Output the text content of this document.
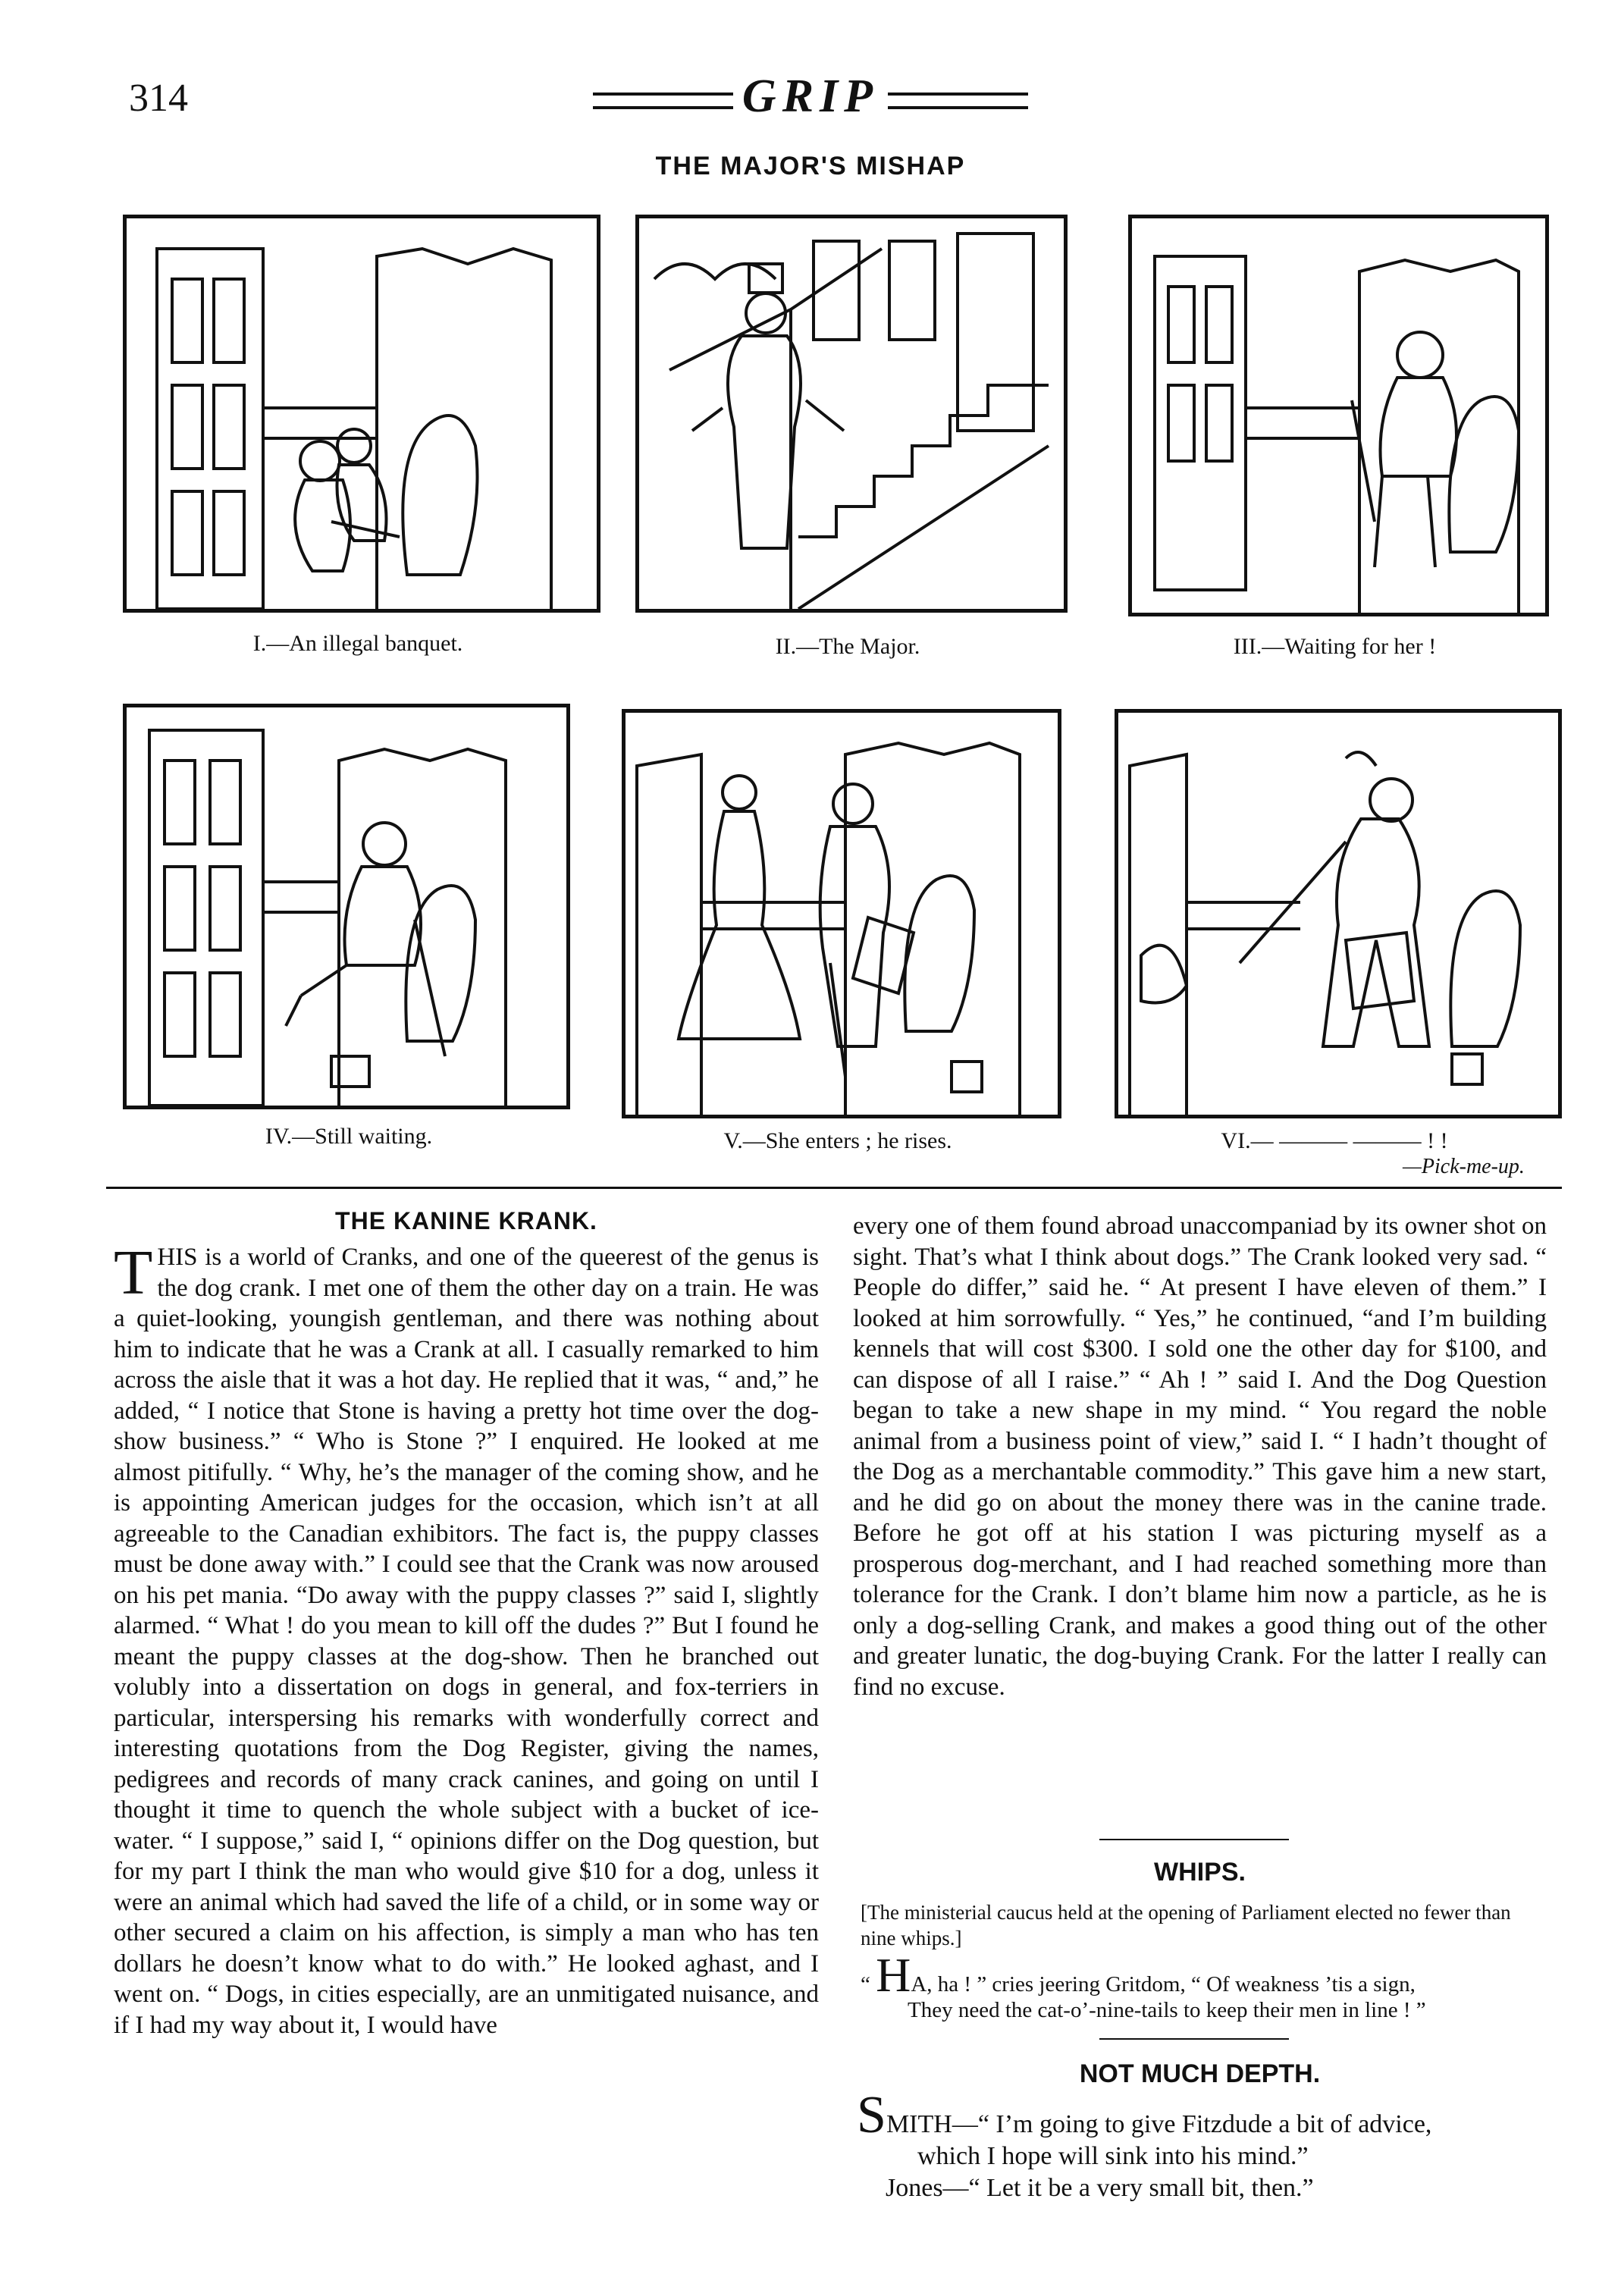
314	GRIP
THE MAJOR'S MISHAP
I.—An illegal banquet.	II.—The Major.	III.—Waiting for her !
IV.—Still waiting.	V.—She enters ; he rises.	VI.— ——— ——— ! !
—Pick-me-up.
THE KANINE KRANK.
THIS is a world of Cranks, and one of the queerest of the genus is the dog crank. I met one of them the other day on a train. He was a quiet-looking, youngish gentleman, and there was nothing about him to indicate that he was a Crank at all. I casually remarked to him across the aisle that it was a hot day. He replied that it was, “ and,” he added, “ I notice that Stone is having a pretty hot time over the dog-show business.” “ Who is Stone ?” I enquired. He looked at me almost pitifully. “ Why, he’s the manager of the coming show, and he is appointing American judges for the occasion, which isn’t at all agreeable to the Canadian exhibitors. The fact is, the puppy classes must be done away with.” I could see that the Crank was now aroused on his pet mania. “Do away with the puppy classes ?” said I, slightly alarmed. “ What ! do you mean to kill off the dudes ?” But I found he meant the puppy classes at the dog-show. Then he branched out volubly into a dissertation on dogs in general, and fox-terriers in particular, interspersing his remarks with wonderfully correct and interesting quotations from the Dog Register, giving the names, pedigrees and records of many crack canines, and going on until I thought it time to quench the whole subject with a bucket of ice-water. “ I suppose,” said I, “ opinions differ on the Dog question, but for my part I think the man who would give $10 for a dog, unless it were an animal which had saved the life of a child, or in some way or other secured a claim on his affection, is simply a man who has ten dollars he doesn’t know what to do with.” He looked aghast, and I went on. “ Dogs, in cities especially, are an unmitigated nuisance, and if I had my way about it, I would have
every one of them found abroad unaccompaniad by its owner shot on sight. That’s what I think about dogs.” The Crank looked very sad. “ People do differ,” said he. “ At present I have eleven of them.” I looked at him sorrowfully. “ Yes,” he continued, “and I’m building kennels that will cost $300. I sold one the other day for $100, and can dispose of all I raise.” “ Ah ! ” said I. And the Dog Question began to take a new shape in my mind. “ You regard the noble animal from a business point of view,” said I. “ I hadn’t thought of the Dog as a merchantable commodity.” This gave him a new start, and he did go on about the money there was in the canine trade. Before he got off at his station I was picturing myself as a prosperous dog-merchant, and I had reached something more than tolerance for the Crank. I don’t blame him now a particle, as he is only a dog-selling Crank, and makes a good thing out of the other and greater lunatic, the dog-buying Crank. For the latter I really can find no excuse.
WHIPS.
[The ministerial caucus held at the opening of Parliament elected no fewer than nine whips.]
“ HA, ha ! ” cries jeering Gritdom, “ Of weakness ’tis a sign,
They need the cat-o’-nine-tails to keep their men in line ! ”
NOT MUCH DEPTH.
SMITH—“ I’m going to give Fitzdude a bit of advice,
which I hope will sink into his mind.”
Jones—“ Let it be a very small bit, then.”
